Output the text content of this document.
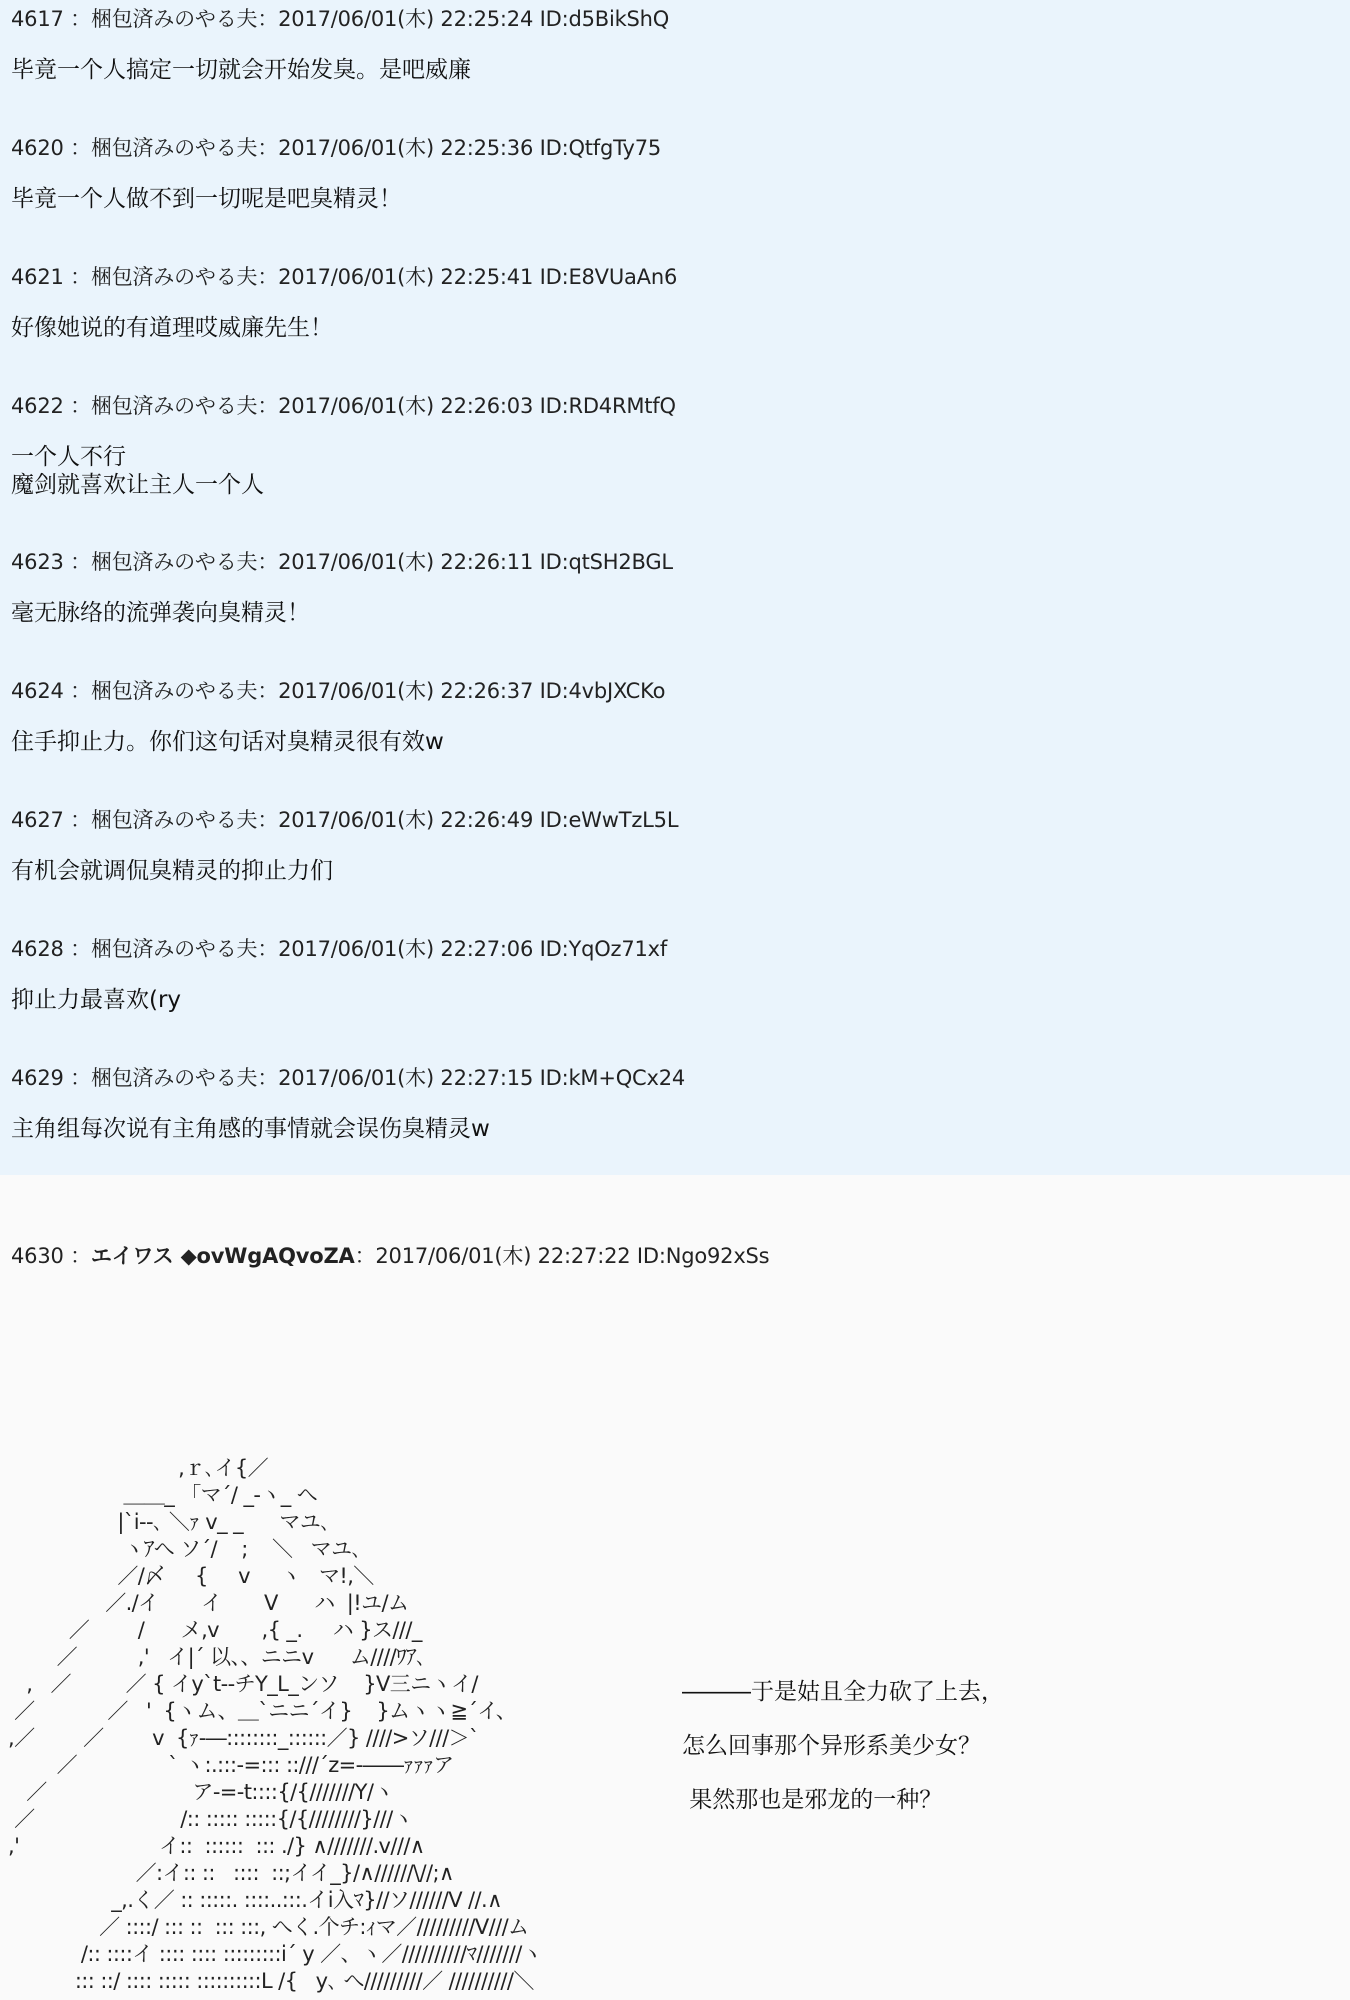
4617 ：梱包済みのやる夫：2017/06/01(木) 22:25:24 ID:d5BikShQ
毕竟一个人搞定一切就会开始发臭。是吧威廉
4620 ：梱包済みのやる夫：2017/06/01(木) 22:25:36 ID:QtfgTy75
毕竟一个人做不到一切呢是吧臭精灵！
4621 ：梱包済みのやる夫：2017/06/01(木) 22:25:41 ID:E8VUaAn6
好像她说的有道理哎威廉先生！
4622 ：梱包済みのやる夫：2017/06/01(木) 22:26:03 ID:RD4RMtfQ
一个人不行
魔剑就喜欢让主人一个人
4623 ：梱包済みのやる夫：2017/06/01(木) 22:26:11 ID:qtSH2BGL
毫无脉络的流弹袭向臭精灵！
4624 ：梱包済みのやる夫：2017/06/01(木) 22:26:37 ID:4vbJXCKo
住手抑止力。你们这句话对臭精灵很有效w
4627 ：梱包済みのやる夫：2017/06/01(木) 22:26:49 ID:eWwTzL5L
有机会就调侃臭精灵的抑止力们
4628 ：梱包済みのやる夫：2017/06/01(木) 22:27:06 ID:YqOz71xf
抑止力最喜欢(ry
4629 ：梱包済みのやる夫：2017/06/01(木) 22:27:15 ID:kM+QCx24
主角组每次说有主角感的事情就会误伤臭精灵w
4630 ：エイワス ◆ovWgAQvoZA：2017/06/01(木) 22:27:22 ID:Ngo92xSs
,ｒ､イ{／
＿＿_ 「マ´/ _-ヽ_ へ
|`i--､ ＼ｧ v_ _      マユ､
ヽｱへ ソ´/    ;    ＼   マユ､
／/〆     {     v     ヽ   マ!,＼
／./イ       イ       V      ハ  |!ユ/ム
／        /      メ,v       ,{ _.     ハ }ス///_
／          ,'   イ|´ 以、、ニニv      ム////ﾜｱ､
,   ／         ／ { イy`t--チY_L_ンソ    }V三ニヽイ/
／            ／   '  {ヽム、＿`ニニ´イ}    }ムヽヽ≧´イ、
,／        ／        v  {ｧ-―::::::::_::::::／} ////>ソ///＞`
／               ` ヽ:.:::-=::: ::///´z=-――ｧｧｧア
／                        ア-=-t::::{/{///////Y/ヽ
／                        /:: ::::: :::::{/{////////}///ヽ
,'                       イ::  ::::::  ::: ./} ∧///////.v///∧
／:イ:: ::   ::::  ::;イイ_}/∧//////\//;∧
_,.く／ :: :::::. ::::..:::.イi入ﾏ}//ソ//////V //.∧
／ ::::/ ::: ::  ::: :::, へく.个チ:ｨマ／/////////V///ム
/:: ::::イ :::: :::: :::::::::i´ y ／、ヽ／//////////ﾏ///////ヽ
::: ::/ :::: ::::: ::::::::::L /{   y､ へ/////////／ //////////＼
―――于是姑且全力砍了上去，
怎么回事那个异形系美少女？
果然那也是邪龙的一种？
